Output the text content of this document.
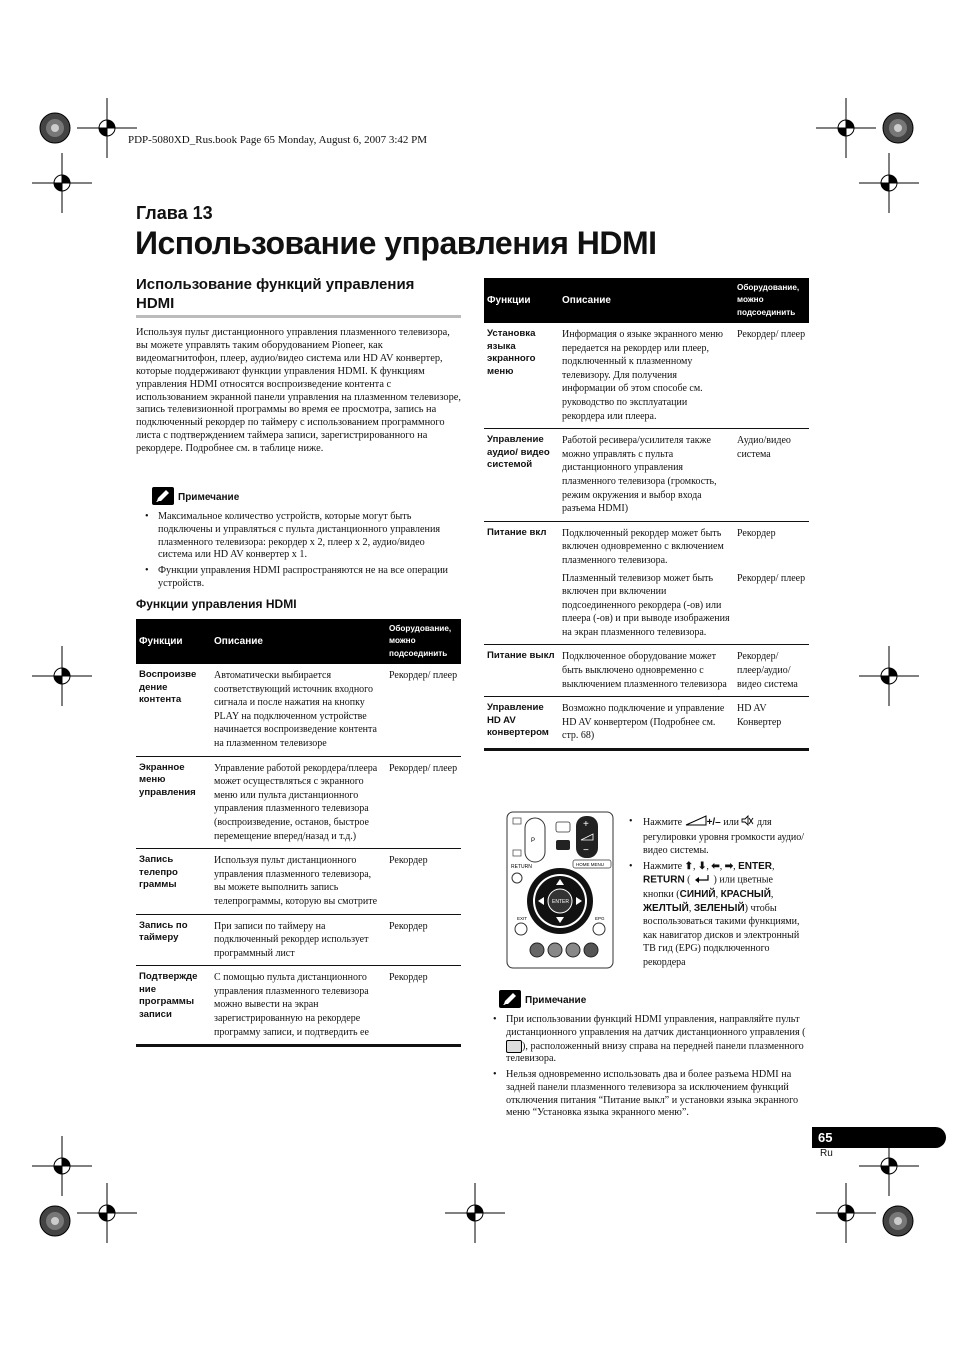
PDP-5080XD_Rus.book Page 65 Monday, August 6, 2007 3:42 PM
Глава 13
Использование управления HDMI
Использование функций управления HDMI
Используя пульт дистанционного управления плазменного телевизора, вы можете управлять таким оборудованием Pioneer, как видеомагнитофон, плеер, аудио/видео система или HD AV конвертер, которые поддерживают функции управления HDMI. К функциям управления HDMI относятся воспроизведение контента с использованием экранной панели управления на плазменном телевизоре, запись телевизионной программы во время ее просмотра, запись на подключенный рекордер по таймеру с использованием программного листа с подтверждением таймера записи, зарегистрированного на рекордере. Подробнее см. в таблице ниже.
Примечание
• Максимальное количество устройств, которые могут быть подключены и управляться с пульта дистанционного управления плазменного телевизора: рекордер x 2, плеер x 2, аудио/видео система или HD AV конвертер x 1.
• Функции управления HDMI распространяются не на все операции устройств.
Функции управления HDMI
Функции	Описание	Оборудование, можно подсоединить
Воспроизве дение контента	Автоматически выбирается соответствующий источник входного сигнала и после нажатия на кнопку PLAY на подключенном устройстве начинается воспроизведение контента на плазменном телевизоре	Рекордер/ плеер
Экранное меню управления	Управление работой рекордера/плеера может осуществляться с экранного меню или пульта дистанционного управления плазменного телевизора (воспроизведение, останов, быстрое перемещение вперед/назад и т.д.)	Рекордер/ плеер
Запись телепро граммы	Используя пульт дистанционного управления плазменного телевизора, вы можете выполнить запись телепрограммы, которую вы смотрите	Рекордер
Запись по таймеру	При записи по таймеру на подключенный рекордер использует программный лист	Рекордер
Подтвержде ние программы записи	С помощью пульта дистанционного управления плазменного телевизора можно вывести на экран зарегистрированную на рекордере программу записи, и подтвердить ее	Рекордер
Функции	Описание	Оборудование, можно подсоединить
Установка языка экранного меню	Информация о языке экранного меню передается на рекордер или плеер, подключенный к плазменному телевизору. Для получения информации об этом способе см. руководство по эксплуатации рекордера или плеера.	Рекордер/ плеер
Управление аудио/ видео системой	Работой ресивера/усилителя также можно управлять с пульта дистанционного управления плазменного телевизора (громкость, режим окружения и выбор входа разъема HDMI)	Аудио/видео система
Питание вкл	Подключенный рекордер может быть включен одновременно с включением плазменного телевизора.	Рекордер
	Плазменный телевизор может быть включен при включении подсоединенного рекордера (-ов) или плеера (-ов) и при выводе изображения на экран плазменного телевизора.	Рекордер/ плеер
Питание выкл	Подключенное оборудование может быть выключено одновременно с выключением плазменного телевизора	Рекордер/ плеер/аудио/ видео система
Управление HD AV конвертером	Возможно подключение и управление HD AV конвертером (Подробнее см. стр. 68)	HD AV Конвертер
P
+
−
RETURN	HOME MENU
ENTER
EXIT	EPG
• Нажмите +/– или  для регулировки уровня громкости аудио/видео системы.
• Нажмите ⬆, ⬇, ⬅, ➡, ENTER, RETURN (  ) или цветные кнопки (СИНИЙ, КРАСНЫЙ, ЖЕЛТЫЙ, ЗЕЛЕНЫЙ) чтобы воспользоваться такими функциями, как навигатор дисков и электронный ТВ гид (EPG) подключенного рекордера
Примечание
• При использовании функций HDMI управления, направляйте пульт дистанционного управления на датчик дистанционного управления (), расположенный внизу справа на передней панели плазменного телевизора.
• Нельзя одновременно использовать два и более разъема HDMI на задней панели плазменного телевизора за исключением функций отключения питания “Питание выкл” и установки языка экранного меню “Установка языка экранного меню”.
65
Ru
